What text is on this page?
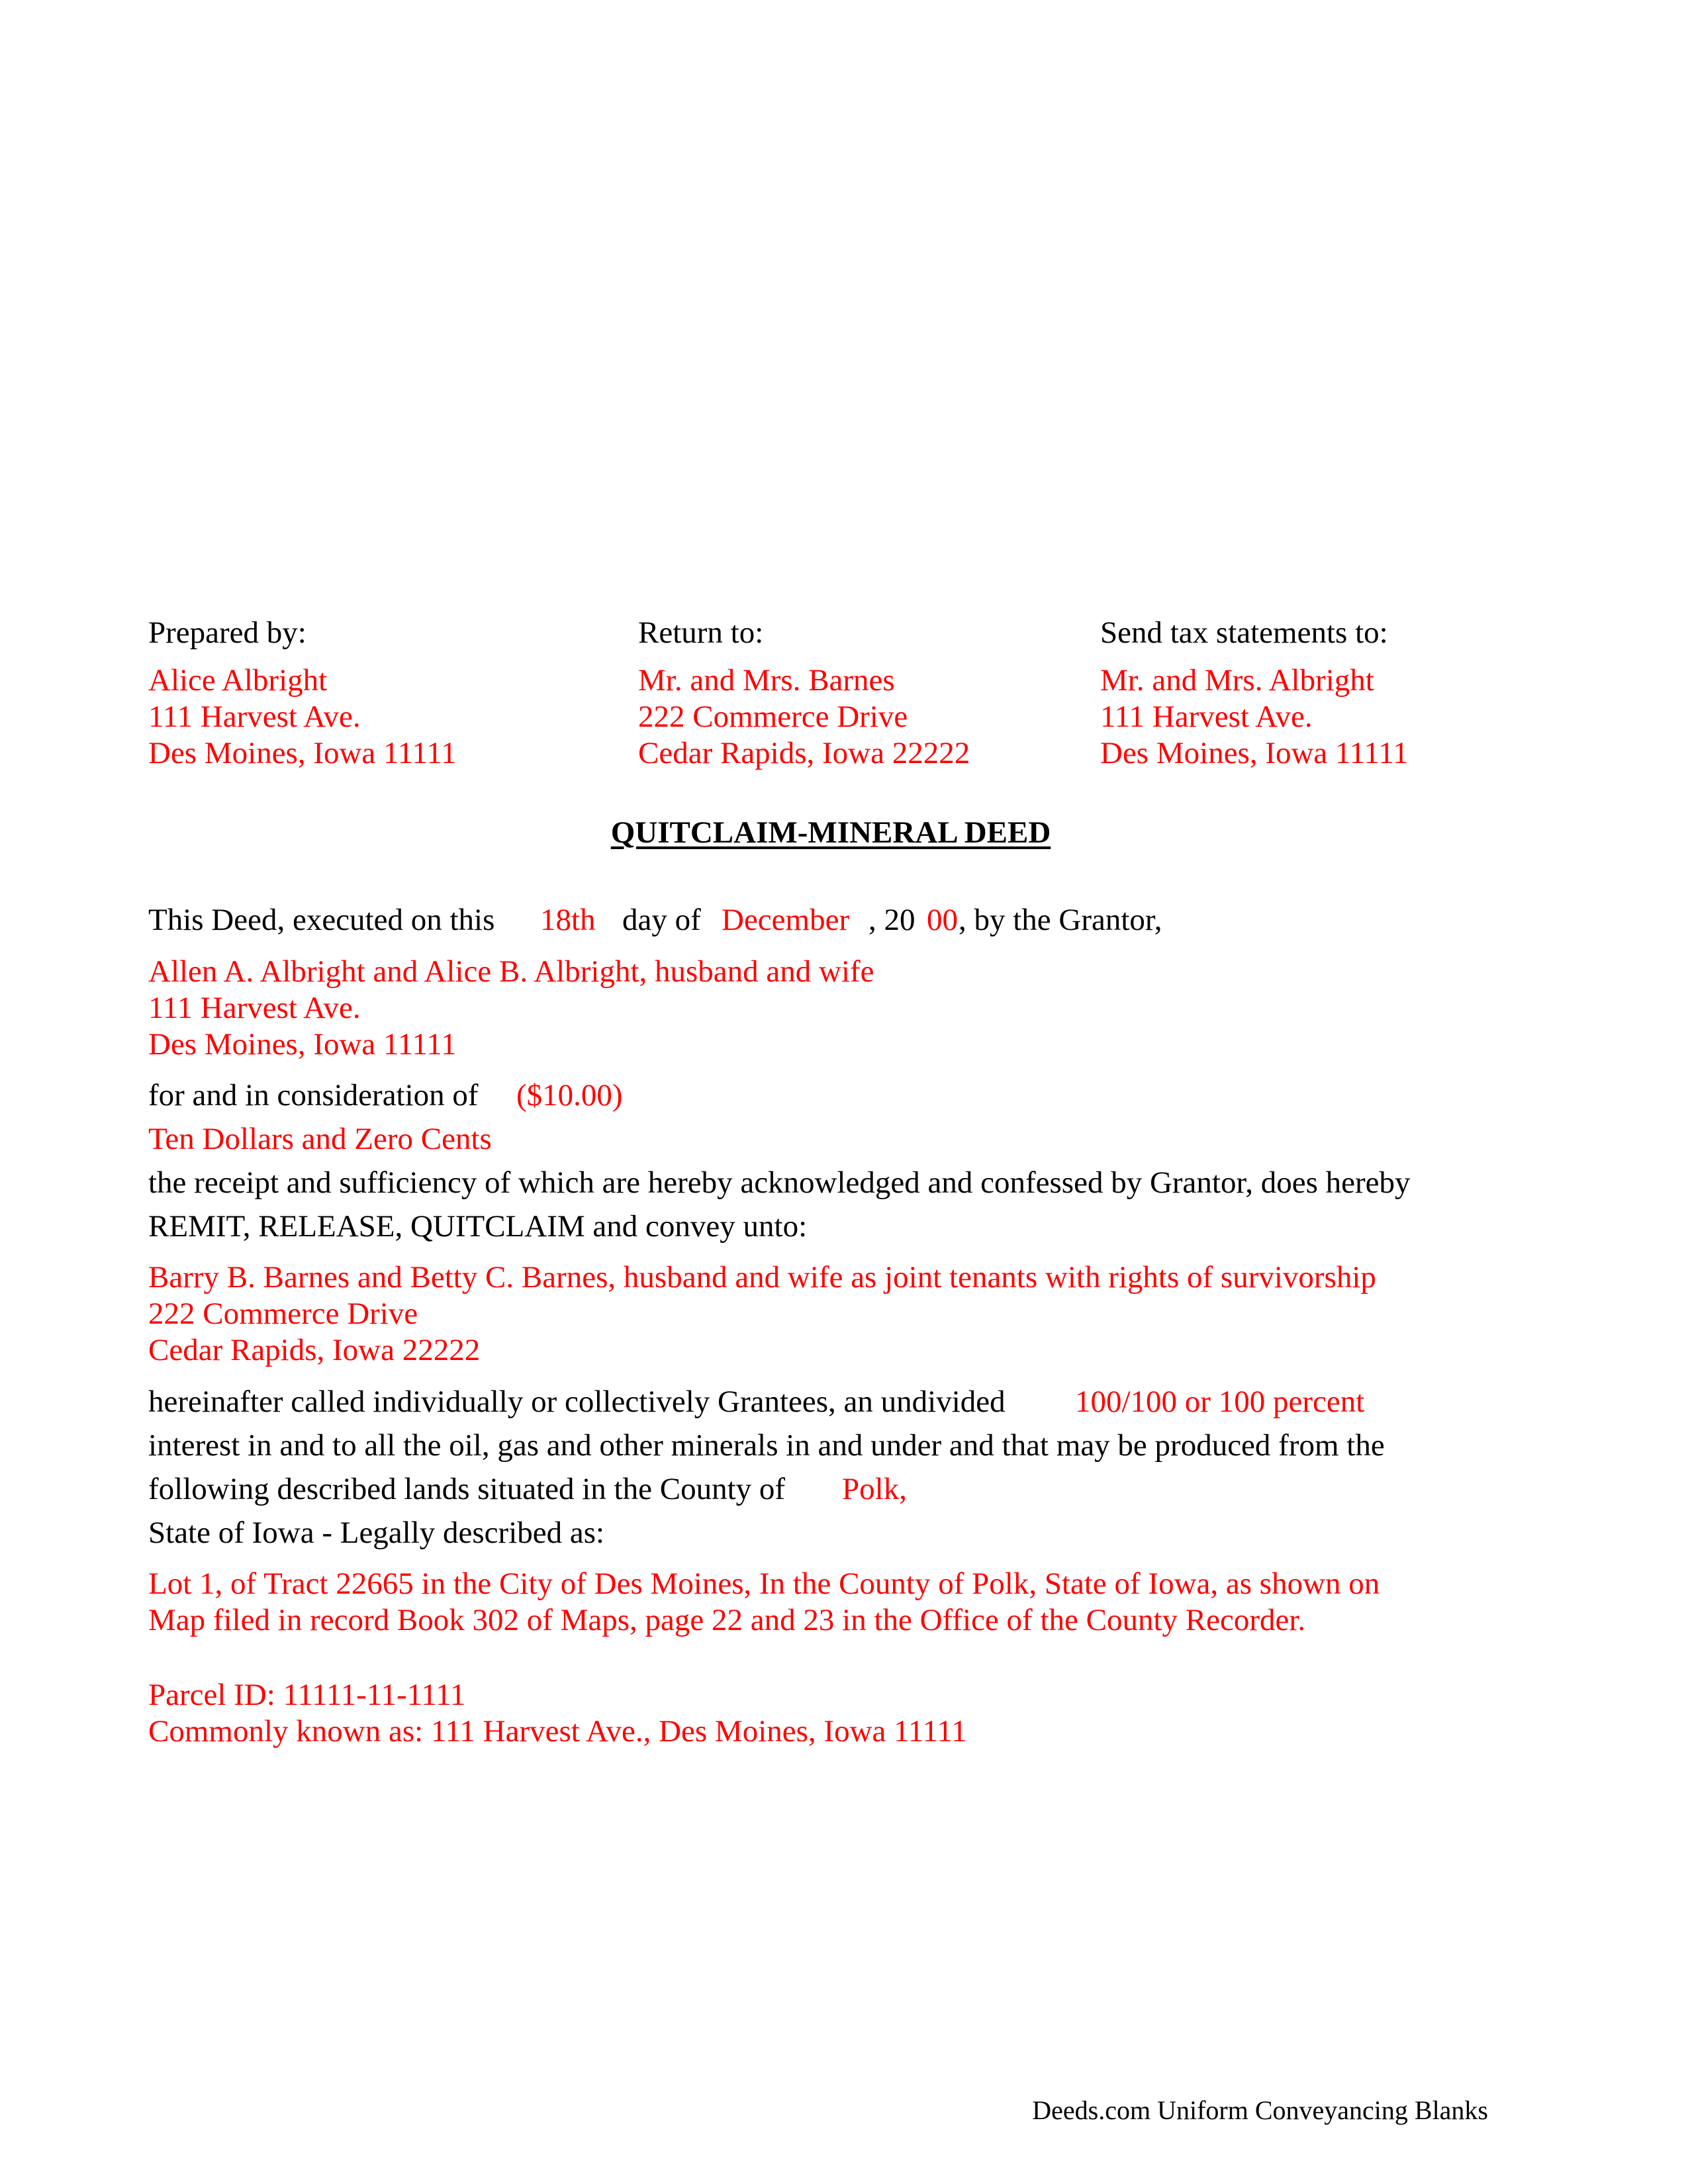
Prepared by:
Alice Albright
111 Harvest Ave.
Des Moines, Iowa 11111
Return to:
Mr. and Mrs. Barnes
222 Commerce Drive
Cedar Rapids, Iowa 22222
Send tax statements to:
Mr. and Mrs. Albright
111 Harvest Ave.
Des Moines, Iowa 11111
QUITCLAIM-MINERAL DEED
This Deed, executed on this 18th day of December , 20 00 , by the Grantor,
Allen A. Albright and Alice B. Albright, husband and wife
111 Harvest Ave.
Des Moines, Iowa 11111
for and in consideration of ($10.00)
Ten Dollars and Zero Cents
the receipt and sufficiency of which are hereby acknowledged and confessed by Grantor, does hereby
REMIT, RELEASE, QUITCLAIM and convey unto:
Barry B. Barnes and Betty C. Barnes, husband and wife as joint tenants with rights of survivorship
222 Commerce Drive
Cedar Rapids, Iowa 22222
hereinafter called individually or collectively Grantees, an undivided 100/100 or 100 percent
interest in and to all the oil, gas and other minerals in and under and that may be produced from the
following described lands situated in the County of Polk,
State of Iowa - Legally described as:
Lot 1, of Tract 22665 in the City of Des Moines, In the County of Polk, State of Iowa, as shown on
Map filed in record Book 302 of Maps, page 22 and 23 in the Office of the County Recorder.
Parcel ID: 11111-11-1111
Commonly known as: 111 Harvest Ave., Des Moines, Iowa 11111
Deeds.com Uniform Conveyancing Blanks
